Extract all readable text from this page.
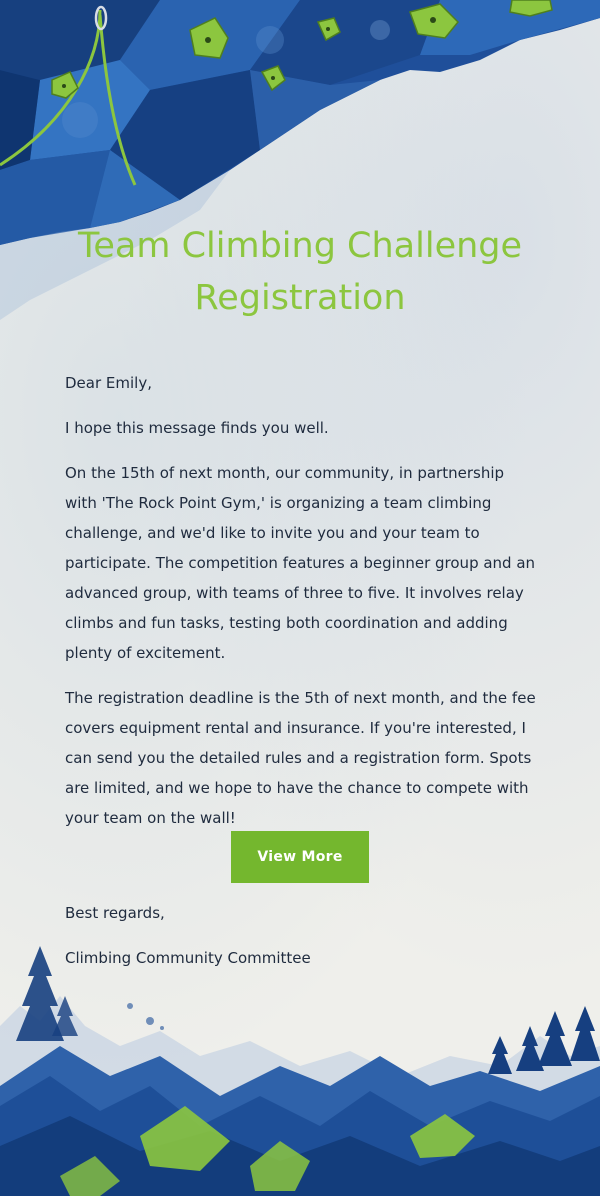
Team Climbing Challenge Registration

Dear Emily,

I hope this message finds you well.

On the 15th of next month, our community, in partnership with 'The Rock Point Gym,' is organizing a team climbing challenge, and we'd like to invite you and your team to participate. The competition features a beginner group and an advanced group, with teams of three to five. It involves relay climbs and fun tasks, testing both coordination and adding plenty of excitement.

The registration deadline is the 5th of next month, and the fee covers equipment rental and insurance. If you're interested, I can send you the detailed rules and a registration form. Spots are limited, and we hope to have the chance to compete with your team on the wall!

View More

Best regards,

Climbing Community Committee
